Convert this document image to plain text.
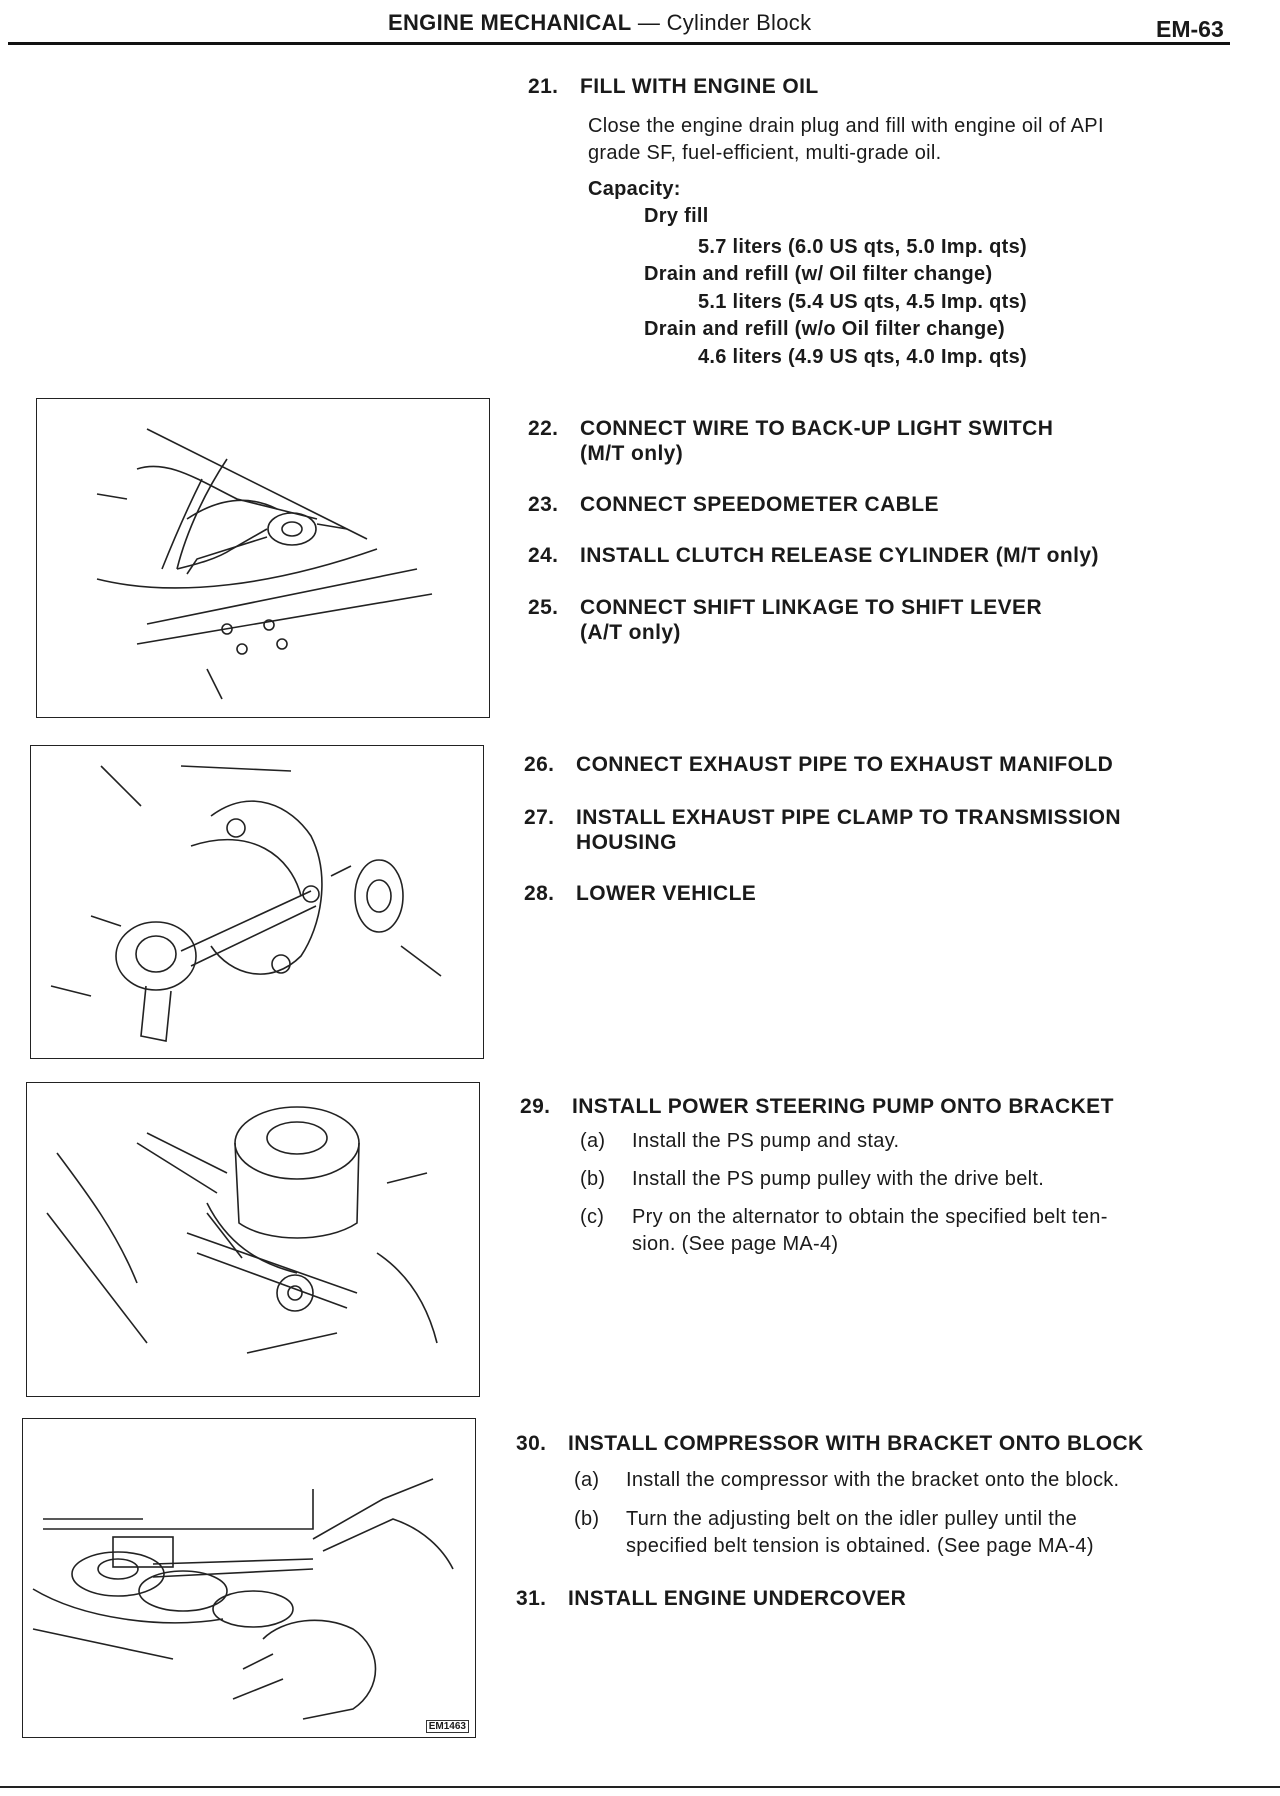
ENGINE MECHANICAL — Cylinder Block	EM-63
21. FILL WITH ENGINE OIL
Close the engine drain plug and fill with engine oil of API
grade SF, fuel-efficient, multi-grade oil.
Capacity:
Dry fill
5.7 liters (6.0 US qts, 5.0 Imp. qts)
Drain and refill (w/ Oil filter change)
5.1 liters (5.4 US qts, 4.5 Imp. qts)
Drain and refill (w/o Oil filter change)
4.6 liters (4.9 US qts, 4.0 Imp. qts)
22. CONNECT WIRE TO BACK-UP LIGHT SWITCH
(M/T only)
23. CONNECT SPEEDOMETER CABLE
24. INSTALL CLUTCH RELEASE CYLINDER (M/T only)
25. CONNECT SHIFT LINKAGE TO SHIFT LEVER
(A/T only)
26. CONNECT EXHAUST PIPE TO EXHAUST MANIFOLD
27. INSTALL EXHAUST PIPE CLAMP TO TRANSMISSION
HOUSING
28. LOWER VEHICLE
29. INSTALL POWER STEERING PUMP ONTO BRACKET
(a) Install the PS pump and stay.
(b) Install the PS pump pulley with the drive belt.
(c) Pry on the alternator to obtain the specified belt ten-
sion. (See page MA-4)
EM1463
30. INSTALL COMPRESSOR WITH BRACKET ONTO BLOCK
(a) Install the compressor with the bracket onto the block.
(b) Turn the adjusting belt on the idler pulley until the
specified belt tension is obtained. (See page MA-4)
31. INSTALL ENGINE UNDERCOVER
